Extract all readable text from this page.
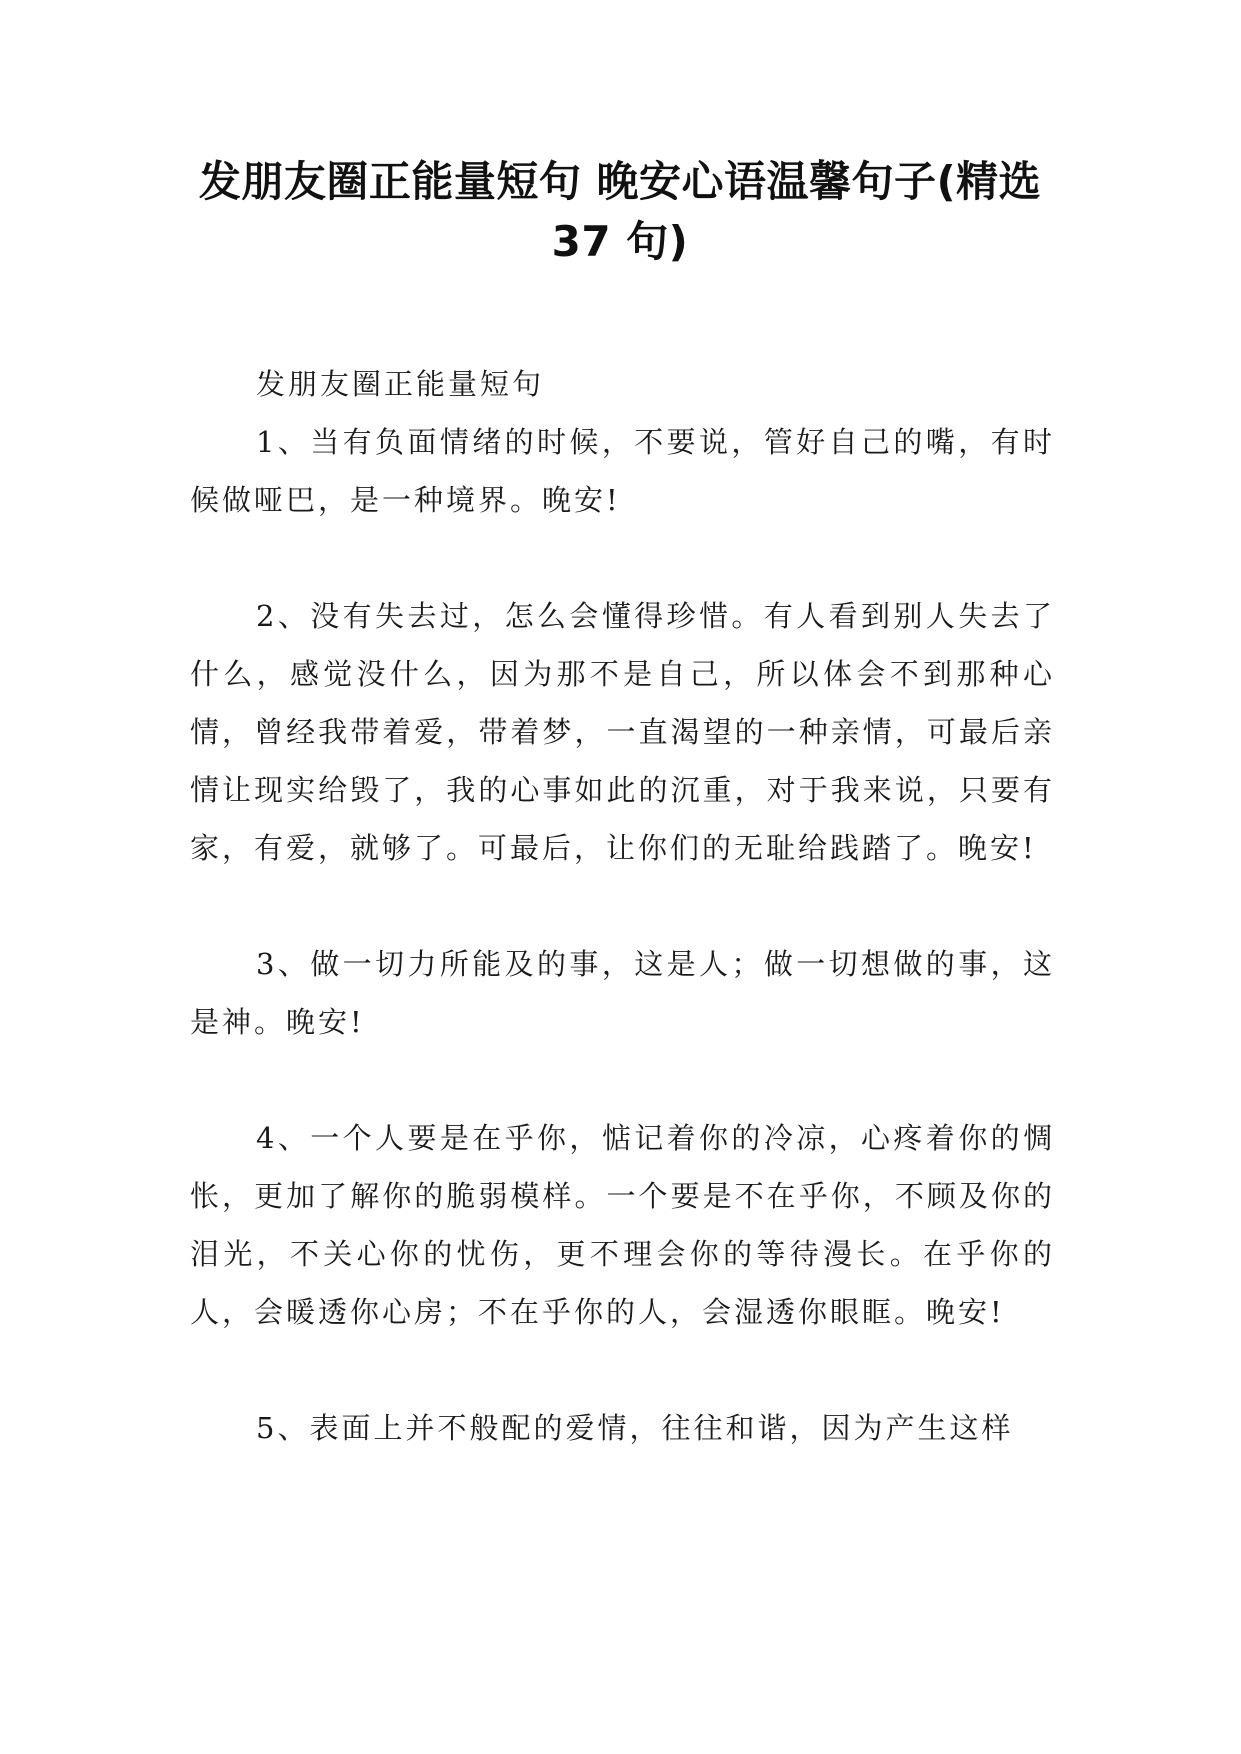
发朋友圈正能量短句 晚安心语温馨句子(精选 37 句)

发朋友圈正能量短句

1、当有负面情绪的时候，不要说，管好自己的嘴，有时候做哑巴，是一种境界。晚安!

2、没有失去过，怎么会懂得珍惜。有人看到别人失去了什么，感觉没什么，因为那不是自己，所以体会不到那种心情，曾经我带着爱，带着梦，一直渴望的一种亲情，可最后亲情让现实给毁了，我的心事如此的沉重，对于我来说，只要有家，有爱，就够了。可最后，让你们的无耻给践踏了。晚安!

3、做一切力所能及的事，这是人；做一切想做的事，这是神。晚安!

4、一个人要是在乎你，惦记着你的冷凉，心疼着你的惆怅，更加了解你的脆弱模样。一个要是不在乎你，不顾及你的泪光，不关心你的忧伤，更不理会你的等待漫长。在乎你的人，会暖透你心房；不在乎你的人，会湿透你眼眶。晚安!

5、表面上并不般配的爱情，往往和谐，因为产生这样
